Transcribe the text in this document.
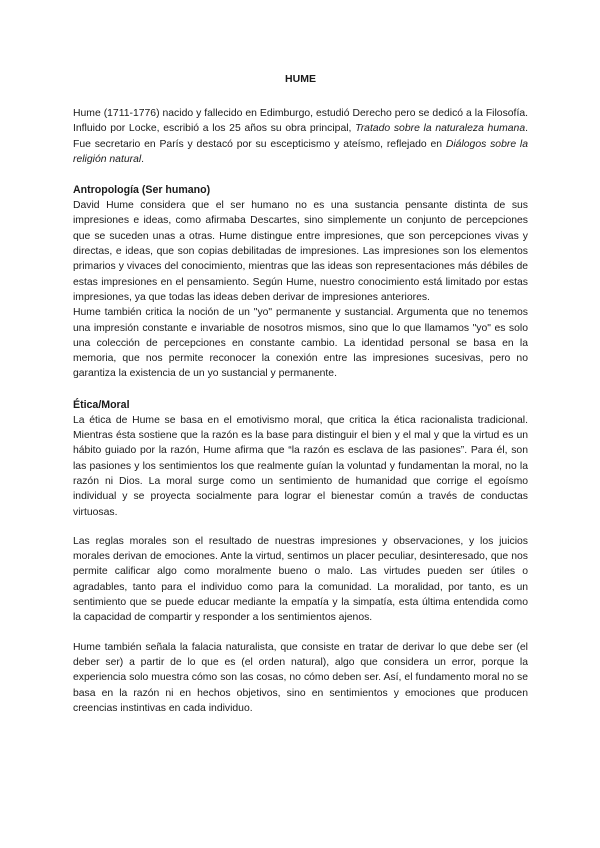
HUME

Hume (1711-1776) nacido y fallecido en Edimburgo, estudió Derecho pero se dedicó a la Filosofía. Influido por Locke, escribió a los 25 años su obra principal, Tratado sobre la naturaleza humana. Fue secretario en París y destacó por su escepticismo y ateísmo, reflejado en Diálogos sobre la religión natural.

Antropología (Ser humano)

David Hume considera que el ser humano no es una sustancia pensante distinta de sus impresiones e ideas, como afirmaba Descartes, sino simplemente un conjunto de percepciones que se suceden unas a otras. Hume distingue entre impresiones, que son percepciones vivas y directas, e ideas, que son copias debilitadas de impresiones. Las impresiones son los elementos primarios y vivaces del conocimiento, mientras que las ideas son representaciones más débiles de estas impresiones en el pensamiento. Según Hume, nuestro conocimiento está limitado por estas impresiones, ya que todas las ideas deben derivar de impresiones anteriores.

Hume también critica la noción de un "yo" permanente y sustancial. Argumenta que no tenemos una impresión constante e invariable de nosotros mismos, sino que lo que llamamos "yo" es solo una colección de percepciones en constante cambio. La identidad personal se basa en la memoria, que nos permite reconocer la conexión entre las impresiones sucesivas, pero no garantiza la existencia de un yo sustancial y permanente.

Ética/Moral

La ética de Hume se basa en el emotivismo moral, que critica la ética racionalista tradicional. Mientras ésta sostiene que la razón es la base para distinguir el bien y el mal y que la virtud es un hábito guiado por la razón, Hume afirma que “la razón es esclava de las pasiones”. Para él, son las pasiones y los sentimientos los que realmente guían la voluntad y fundamentan la moral, no la razón ni Dios. La moral surge como un sentimiento de humanidad que corrige el egoísmo individual y se proyecta socialmente para lograr el bienestar común a través de conductas virtuosas.

Las reglas morales son el resultado de nuestras impresiones y observaciones, y los juicios morales derivan de emociones. Ante la virtud, sentimos un placer peculiar, desinteresado, que nos permite calificar algo como moralmente bueno o malo. Las virtudes pueden ser útiles o agradables, tanto para el individuo como para la comunidad. La moralidad, por tanto, es un sentimiento que se puede educar mediante la empatía y la simpatía, esta última entendida como la capacidad de compartir y responder a los sentimientos ajenos.

Hume también señala la falacia naturalista, que consiste en tratar de derivar lo que debe ser (el deber ser) a partir de lo que es (el orden natural), algo que considera un error, porque la experiencia solo muestra cómo son las cosas, no cómo deben ser. Así, el fundamento moral no se basa en la razón ni en hechos objetivos, sino en sentimientos y emociones que producen creencias instintivas en cada individuo.
